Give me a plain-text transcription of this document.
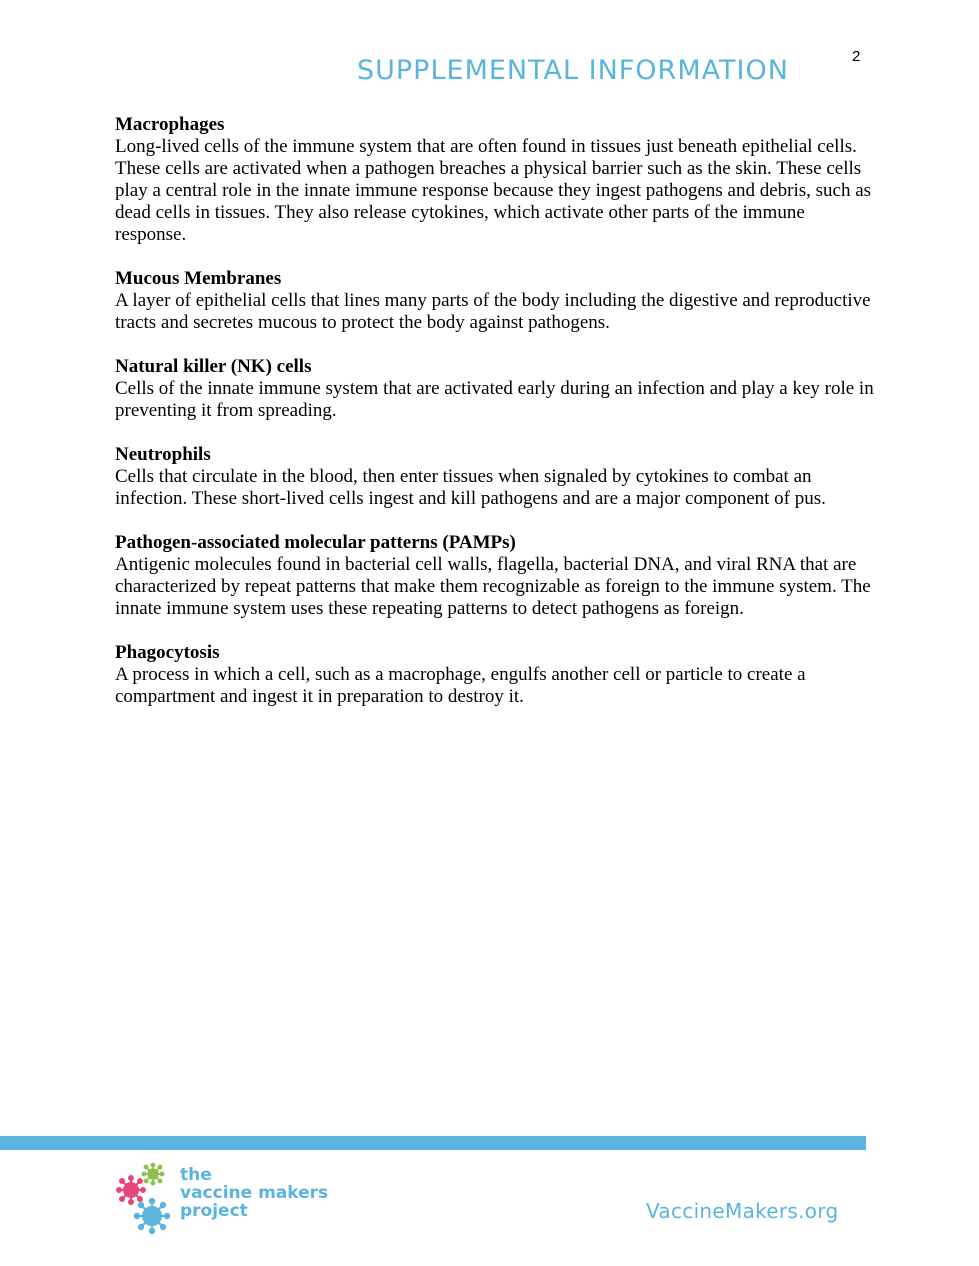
2
SUPPLEMENTAL INFORMATION
Macrophages
Long-lived cells of the immune system that are often found in tissues just beneath epithelial cells. These cells are activated when a pathogen breaches a physical barrier such as the skin. These cells play a central role in the innate immune response because they ingest pathogens and debris, such as dead cells in tissues. They also release cytokines, which activate other parts of the immune response.
Mucous Membranes
A layer of epithelial cells that lines many parts of the body including the digestive and reproductive tracts and secretes mucous to protect the body against pathogens.
Natural killer (NK) cells
Cells of the innate immune system that are activated early during an infection and play a key role in preventing it from spreading.
Neutrophils
Cells that circulate in the blood, then enter tissues when signaled by cytokines to combat an infection. These short-lived cells ingest and kill pathogens and are a major component of pus.
Pathogen-associated molecular patterns (PAMPs)
Antigenic molecules found in bacterial cell walls, flagella, bacterial DNA, and viral RNA that are characterized by repeat patterns that make them recognizable as foreign to the immune system. The innate immune system uses these repeating patterns to detect pathogens as foreign.
Phagocytosis
A process in which a cell, such as a macrophage, engulfs another cell or particle to create a compartment and ingest it in preparation to destroy it.
the
vaccine makers
project	VaccineMakers.org
